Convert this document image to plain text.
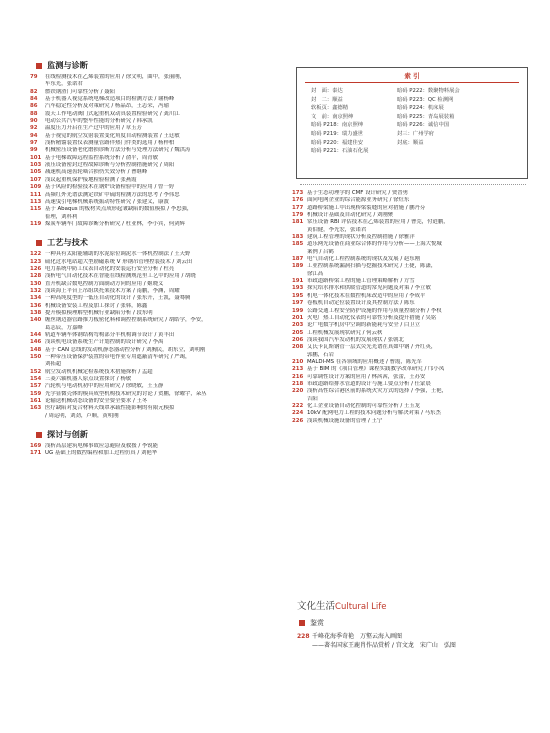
监测与诊断
79	在线检测技术在乙烯装置的应用 / 徐文明，曲中，张丽刚，
车东光，张诺君
82	燃铁钢渣门可靠性分析 / 聂阳
84	基于机器人视觉系统电梯改造项目的检测方法 / 谢杨峰
86	汽车稳定性分析及对策研究 / 杨晶昂，王志荣，冯瑜
88	震天工作电动阀门式起重机双动真装置检验研究 / 龚川江
90	电动公共汽车的整车性能的分析研究 / 韩承凯
92	温度压力开启在生产过中的应用 / 章玉芳
94	基于视觉的航空发射装置变化角度自动检测装置 / 王廷敏
97	浅析精馏装置仪表测量管路伴热门件类的选用 / 杨梓柏
99	机械密压设备老化磨损诊断方法分析与处理方法研究 / 魏洪涛
101 基于电梯故障远程监控系统分析 / 俞平，周青敏
103 液压设备密封过程故障诊断与分析控制措施研究 / 周阳
105 减速机高速齿轮啮合损伤失效分析 / 曹继峰
107 浅议起重机保护接地检验检测 / 张燕霞
109 基于风险的检验技术在钢炉设备检验中的应用 / 曾一婷
111 高频红外光谱法测定铁矿中硫的检测方法的思考 / 李伟忠
113 高速曳引电梯机械系统振动特性研究 / 张建义，康波
115 基于 Abaqus 的板材夹点成形起皱缺陷的数值模拟 / 李忠强，
崔理，刘科利
119 煤炭车辆车门故障诊断分析研究 / 杜亚林，李小宾，何剑辉
工艺与技术
122 一种具有太阳能辅助的水泥原位调泥水一体机控制法 / 王天野
123 硫化过水电站超大型励磁系统 V 形钢吊管理控装技术 / 刘云田
126 电力系统中防工仪表自动化的安装运行安全分析 / 杜亮
128 浅析电气自动化技术在智能在线检测规范里工艺中的应用 / 胡晓
130 直升机缺合数电控制方面制动方向的应用 / 姬晓义
132 浅谈海上平台上吊组块托架技术方案 / 南鹏，李渊，周耀
134 一种高纯度型的一低压自动化的设计 / 张东升，王凯，聂骞腾
136 机械设备安装工程及加工探讨 / 张韩，陈鑫
138 提升模拟模理解型机械行业缺陷分析 / 段东明
140 缠丝钢边器管路推力板密化料和调控控制系统研究 / 胡皓学，李安，
葛志辰，方嘉峰
144 轨道车辆车体钢结构弯构部分半机构调节设计 / 黄丰田
146 浅谈机电设备系统生产计划控制的设计研究 / 李禹
148 基于 CAN 总线的发动机静态器动控分析 / 刘胸民，胡东立，刘明刚
150 一种带压设备保护装置的带电作业专用遮蔽清车研究 / 严竭，
刘拓超
152 航空发动机机械定检系统技术措施探析 / 孟超
154 三菱六轴机器人原点设置探讨 / 杨敏
157 汽轮机与电动机初中的应用研究 / 徐晓敏，王玉静
159 光学显微壳体的模具成型机构技术研究的讨论 / 贺鹏，徐曜宇，朵丛
161 论输送机械动态设备的安全要全要求 / 王冬
163 医疗缺陷对复合材料天线罩承载性能影响的有限元模拟
/ 周运明，刘劲，卢顺，黄明刚
探讨与创新
169 浅析高层建筑电梯事故应急避险及救援 / 李锐能
171 UG 基础上的数控编程和加工过程仿真 / 刘艳华
索 引
封　面：泰达	暗码 P222：数聚物料展会
封　二：顺益	暗码 P223：QC 检测网
软板页：鑫德精	暗码 P224：机床展
文　前：南京照绅	暗码 P225：青岛展装箱
暗码 P218：南京照绅	暗码 P226：诚信中国
暗码 P219：瑞力盛世	封三：广州学府
暗码 P220：福建佳安	封底：顺益
暗码 P221：石油石化展
173 基于生态功理学的 CMF 设计研究 / 贾晋勇
176 面向电网企业的综合能源业务研究 / 徐灶东
177 道路桥梁施工中出现桥梁裂缝的应对措施 / 鹏丹芬
179 机械设计基础及自动化研究 / 刘刚聚
181 常压设备 RBI 评估技术在乙烯装置的应用 / 曹莞，付逍鹏，
黄伯健，李光宏，张诺君
183 建筑工程管理的现状分析及控制措施 / 徐雅洋
185 道乐网光设备在商业综合体的作用与分析——上海大悦城
案例 / 吕鹤
187 电气自动化工程控制系统的现状及发展 / 赵东刚
189 工业控制系统漏洞扫描与挖掘技术研究 / 王捷，陈潇，
徐江高
191 市政道路桥梁工程的施工管理策略解析 / 方雪
193 探究给水排水和供暖管道的常见问题及对策 / 李立敏
195 机电一体化技术在数控机床改造中的应用 / 李成平
197 卷板机自动定位装置设计及其控制方法 / 陈东
199 公路交通工程安全防护设施的作用与质量控制分析 / 李权
201 火电厂热工自动化仪表的可靠性分析及提升措施 / 吴铭
203 论广电数字机房中空调的新能耗与安全 / 白卫立
205 工程机械发展现状研究 / 何云秋
206 浅谈我国汽车发动机的发展现状 / 张朝北
208 艾氏卡瓦斯钢管一层式荧光光谱在真如中钢 / 齐红英，
郭鹏，石岩
210 MALDI-MS 在各领域的应用概述 / 曹霞，陈光军
213 基于 BIM 的《项目管理》课程实践教学改革研究 / 邝小凤
216 可靠调性设计方案的应用 / 林茜茜，张蕾，王苏安
218 市政道路给排水管道的设计与施工要点分析 / 任蒙晨
220 浅析高性综合港区前的系统火灾方式的选择 / 李强，王艳，
吉阳
222 化工企业设备自动化控制的可靠性分析 / 王玉龙
224 10kV 配网电力工程的技术问题分析与解决对策 / 马东杰
226 浅谈机械设施设备的管理 / 王宁
文化生活Cultural Life
鉴赏
228 千峰花海季奇艳　万壑云海入画图
——著名国家王鹿肖作品赏析 / 宫文龙　宋广山　弘图
